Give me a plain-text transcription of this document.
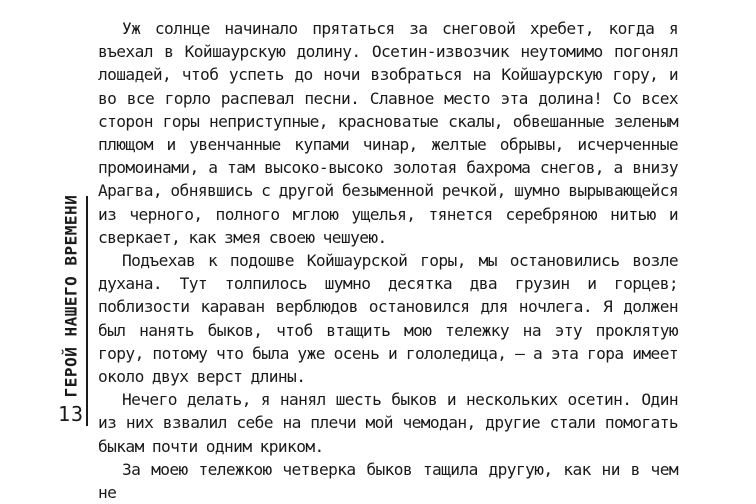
ГЕРОЙ НАШЕГО ВРЕМЕНИ
13

Уж солнце начинало прятаться за снеговой хребет, когда я въехал в Койшаурскую долину. Осетин-извозчик неутомимо погонял лошадей, чтоб успеть до ночи взобраться на Койшаурскую гору, и во все горло распевал песни. Славное место эта долина! Со всех сторон горы неприступные, красноватые скалы, обвешанные зеленым плющом и увенчанные купами чинар, желтые обрывы, исчерченные промоинами, а там высоко-высоко золотая бахрома снегов, а внизу Арагва, обнявшись с другой безыменной речкой, шумно вырывающейся из черного, полного мглою ущелья, тянется серебряною нитью и сверкает, как змея своею чешуею.

Подъехав к подошве Койшаурской горы, мы остановились возле духана. Тут толпилось шумно десятка два грузин и горцев; поблизости караван верблюдов остановился для ночлега. Я должен был нанять быков, чтоб втащить мою тележку на эту проклятую гору, потому что была уже осень и гололедица, — а эта гора имеет около двух верст длины.

Нечего делать, я нанял шесть быков и нескольких осетин. Один из них взвалил себе на плечи мой чемодан, другие стали помогать быкам почти одним криком.

За моею тележкою четверка быков тащила другую, как ни в чем не
